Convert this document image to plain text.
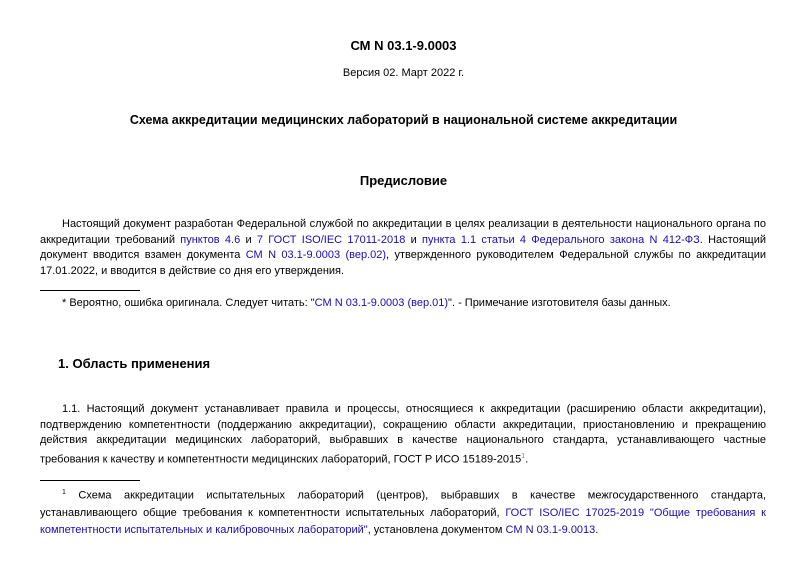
СМ N 03.1-9.0003
Версия 02. Март 2022 г.
Схема аккредитации медицинских лабораторий в национальной системе аккредитации
Предисловие
Настоящий документ разработан Федеральной службой по аккредитации в целях реализации в деятельности национального органа по аккредитации требований пунктов 4.6 и 7 ГОСТ ISO/IEC 17011-2018 и пункта 1.1 статьи 4 Федерального закона N 412-ФЗ. Настоящий документ вводится взамен документа СМ N 03.1-9.0003 (вер.02), утвержденного руководителем Федеральной службы по аккредитации 17.01.2022, и вводится в действие со дня его утверждения.
* Вероятно, ошибка оригинала. Следует читать: "СМ N 03.1-9.0003 (вер.01)". - Примечание изготовителя базы данных.
1. Область применения
1.1. Настоящий документ устанавливает правила и процессы, относящиеся к аккредитации (расширению области аккредитации), подтверждению компетентности (поддержанию аккредитации), сокращению области аккредитации, приостановлению и прекращению действия аккредитации медицинских лабораторий, выбравших в качестве национального стандарта, устанавливающего частные требования к качеству и компетентности медицинских лабораторий, ГОСТ Р ИСО 15189-2015$^1$.
$^1$ Схема аккредитации испытательных лабораторий (центров), выбравших в качестве межгосударственного стандарта, устанавливающего общие требования к компетентности испытательных лабораторий, ГОСТ ISO/IEC 17025-2019 "Общие требования к компетентности испытательных и калибровочных лабораторий", установлена документом СМ N 03.1-9.0013.
